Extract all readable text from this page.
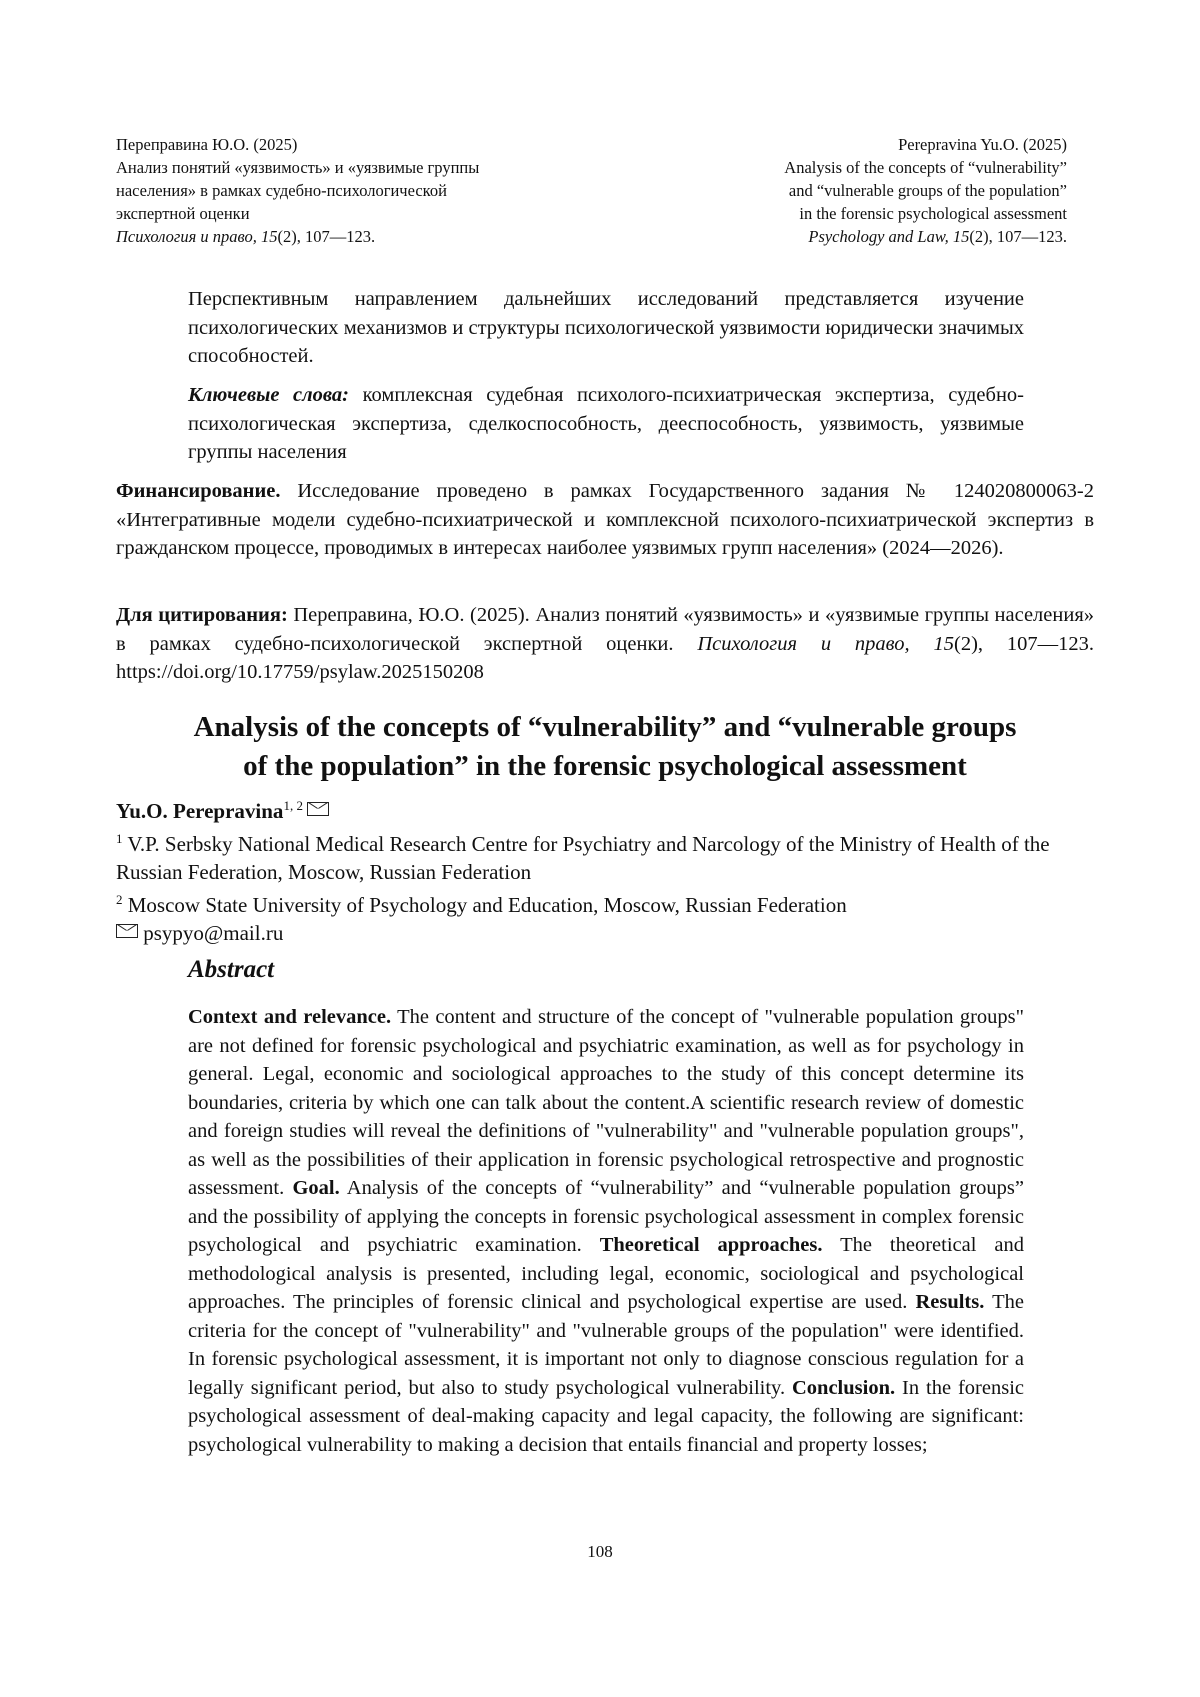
Переправина Ю.О. (2025)
Анализ понятий «уязвимость» и «уязвимые группы
населения» в рамках судебно-психологической
экспертной оценки
Психология и право, 15(2), 107—123.
Perepravina Yu.O. (2025)
Analysis of the concepts of “vulnerability”
and “vulnerable groups of the population”
in the forensic psychological assessment
Psychology and Law, 15(2), 107—123.
Перспективным направлением дальнейших исследований представляется изучение психологических механизмов и структуры психологической уязвимости юридически значимых способностей.
Ключевые слова: комплексная судебная психолого-психиатрическая экспертиза, судебно-психологическая экспертиза, сделкоспособность, дееспособность, уязвимость, уязвимые группы населения
Финансирование. Исследование проведено в рамках Государственного задания № 124020800063-2 «Интегративные модели судебно-психиатрической и комплексной психолого-психиатрической экспертиз в гражданском процессе, проводимых в интересах наиболее уязвимых групп населения» (2024—2026).
Для цитирования: Переправина, Ю.О. (2025). Анализ понятий «уязвимость» и «уязвимые группы населения» в рамках судебно-психологической экспертной оценки. Психология и право, 15(2), 107—123. https://doi.org/10.17759/psylaw.2025150208
Analysis of the concepts of “vulnerability” and “vulnerable groups
of the population” in the forensic psychological assessment
Yu.O. Perepravina$^{1, 2}$
$^1$ V.P. Serbsky National Medical Research Centre for Psychiatry and Narcology of the Ministry of Health of the Russian Federation, Moscow, Russian Federation
$^2$ Moscow State University of Psychology and Education, Moscow, Russian Federation
psypyo@mail.ru
Abstract
Context and relevance. The content and structure of the concept of "vulnerable population groups" are not defined for forensic psychological and psychiatric examination, as well as for psychology in general. Legal, economic and sociological approaches to the study of this concept determine its boundaries, criteria by which one can talk about the content.A scientific research review of domestic and foreign studies will reveal the definitions of "vulnerability" and "vulnerable population groups", as well as the possibilities of their application in forensic psychological retrospective and prognostic assessment. Goal. Analysis of the concepts of “vulnerability” and “vulnerable population groups” and the possibility of applying the concepts in forensic psychological assessment in complex forensic psychological and psychiatric examination. Theoretical approaches. The theoretical and methodological analysis is presented, including legal, economic, sociological and psychological approaches. The principles of forensic clinical and psychological expertise are used. Results. The criteria for the concept of "vulnerability" and "vulnerable groups of the population" were identified. In forensic psychological assessment, it is important not only to diagnose conscious regulation for a legally significant period, but also to study psychological vulnerability. Conclusion. In the forensic psychological assessment of deal-making capacity and legal capacity, the following are significant: psychological vulnerability to making a decision that entails financial and property losses;
108
